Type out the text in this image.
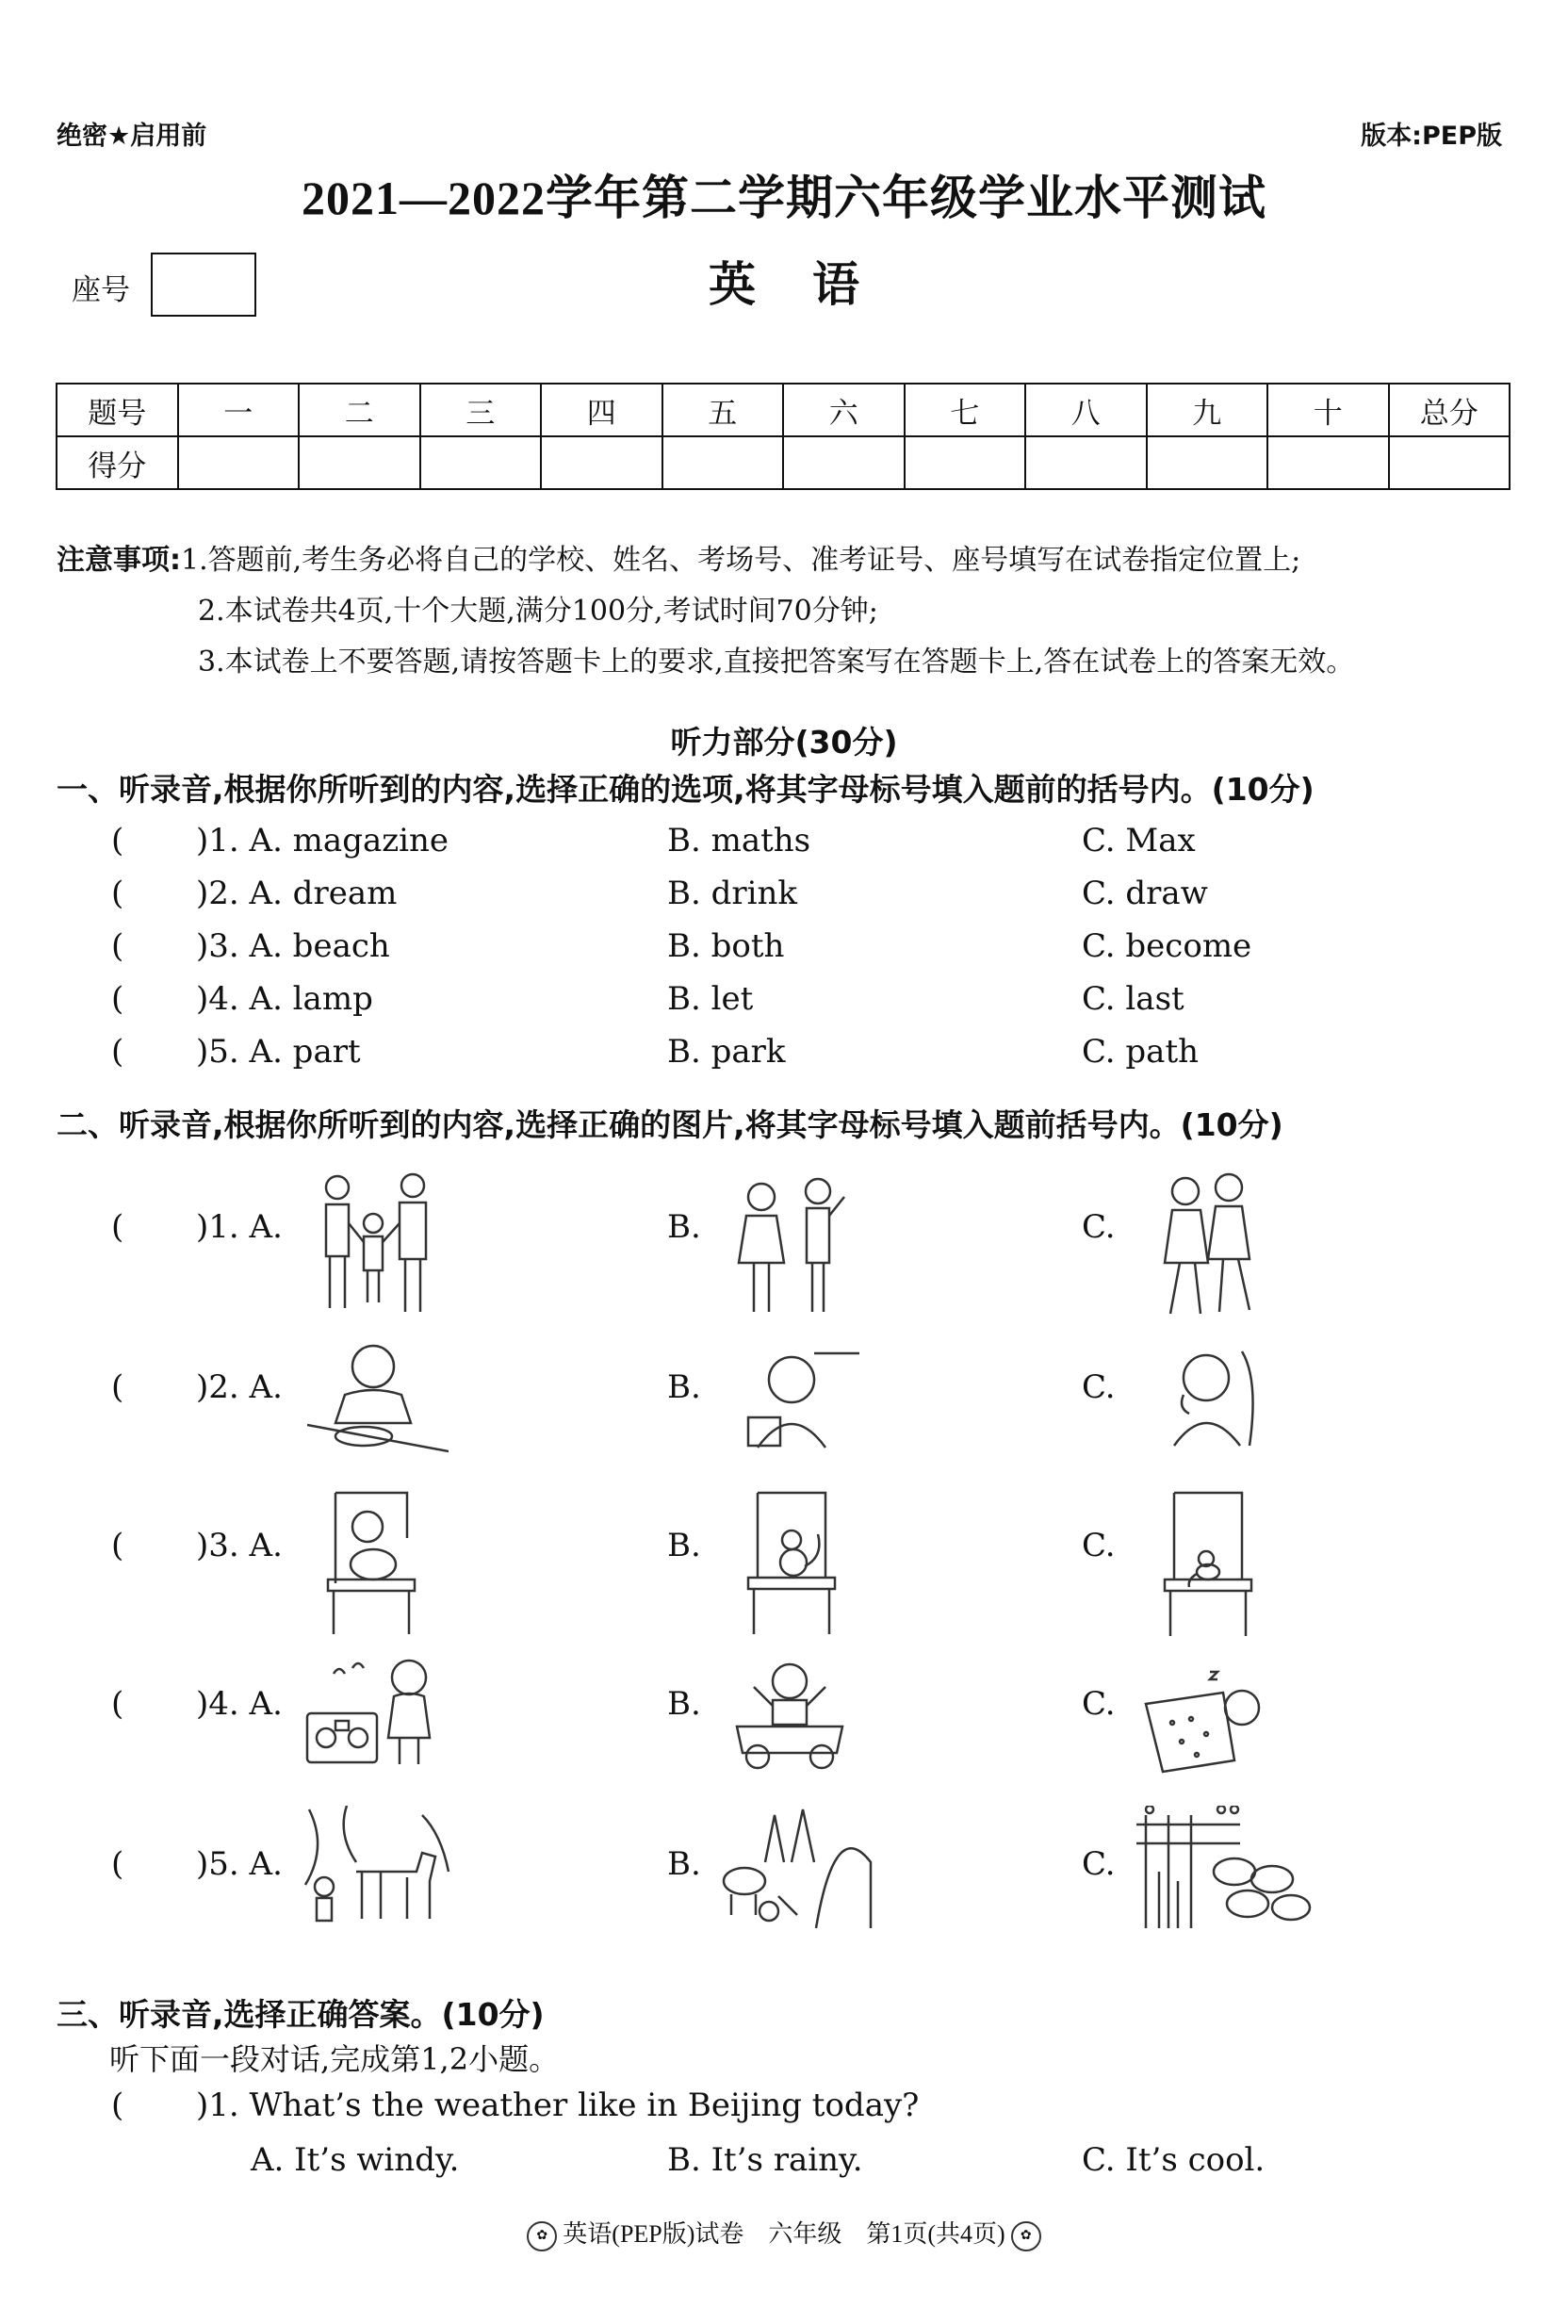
绝密★启用前	版本:PEP版
2021—2022学年第二学期六年级学业水平测试
座号	英语
题号	一	二	三	四	五	六	七	八	九	十	总分
得分											
注意事项:1.答题前,考生务必将自己的学校、姓名、考场号、准考证号、座号填写在试卷指定位置上;
2.本试卷共4页,十个大题,满分100分,考试时间70分钟;
3.本试卷上不要答题,请按答题卡上的要求,直接把答案写在答题卡上,答在试卷上的答案无效。
听力部分(30分)
一、听录音,根据你所听到的内容,选择正确的选项,将其字母标号填入题前的括号内。(10分)
( )1. A. magazine	B. maths	C. Max
( )2. A. dream	B. drink	C. draw
( )3. A. beach	B. both	C. become
( )4. A. lamp	B. let	C. last
( )5. A. part	B. park	C. path
二、听录音,根据你所听到的内容,选择正确的图片,将其字母标号填入题前括号内。(10分)
( )1. A.	B.	C.
( )2. A.	B.	C.
( )3. A.	B.	C.
( )4. A.	B.	C.
( )5. A.	B.	C.
三、听录音,选择正确答案。(10分)
听下面一段对话,完成第1,2小题。
( )1. What’s the weather like in Beijing today?
A. It’s windy.	B. It’s rainy.	C. It’s cool.
✿ 英语(PEP版)试卷　六年级　第1页(共4页) ✿
